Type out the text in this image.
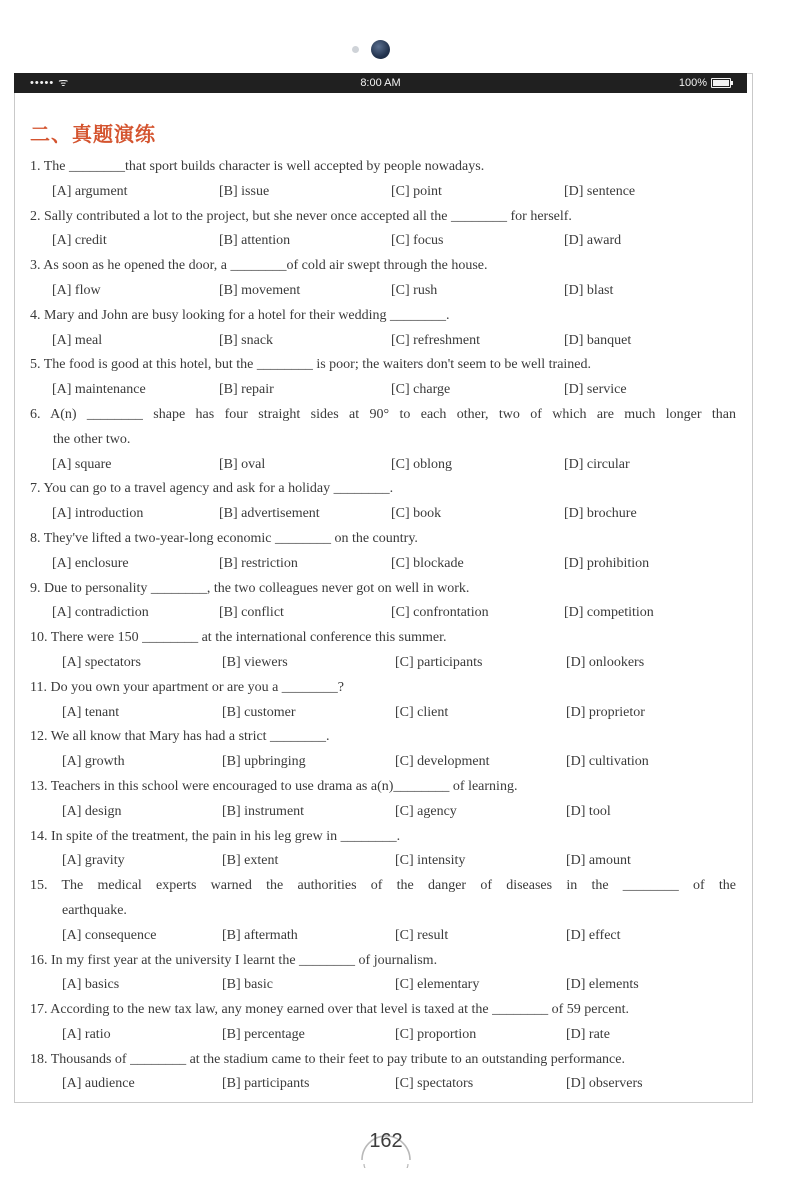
••••• ᯤ	8:00 AM	100%
二、真题演练
1. The ________that sport builds character is well accepted by people nowadays.
[A] argument	[B] issue	[C] point	[D] sentence
2. Sally contributed a lot to the project, but she never once accepted all the ________ for herself.
[A] credit	[B] attention	[C] focus	[D] award
3. As soon as he opened the door, a ________of cold air swept through the house.
[A] flow	[B] movement	[C] rush	[D] blast
4. Mary and John are busy looking for a hotel for their wedding ________.
[A] meal	[B] snack	[C] refreshment	[D] banquet
5. The food is good at this hotel, but the ________ is poor; the waiters don't seem to be well trained.
[A] maintenance	[B] repair	[C] charge	[D] service
6. A(n) ________ shape has four straight sides at 90° to each other, two of which are much longer than
the other two.
[A] square	[B] oval	[C] oblong	[D] circular
7. You can go to a travel agency and ask for a holiday ________.
[A] introduction	[B] advertisement	[C] book	[D] brochure
8. They've lifted a two-year-long economic ________ on the country.
[A] enclosure	[B] restriction	[C] blockade	[D] prohibition
9. Due to personality ________, the two colleagues never got on well in work.
[A] contradiction	[B] conflict	[C] confrontation	[D] competition
10. There were 150 ________ at the international conference this summer.
[A] spectators	[B] viewers	[C] participants	[D] onlookers
11. Do you own your apartment or are you a ________?
[A] tenant	[B] customer	[C] client	[D] proprietor
12. We all know that Mary has had a strict ________.
[A] growth	[B] upbringing	[C] development	[D] cultivation
13. Teachers in this school were encouraged to use drama as a(n)________ of learning.
[A] design	[B] instrument	[C] agency	[D] tool
14. In spite of the treatment, the pain in his leg grew in ________.
[A] gravity	[B] extent	[C] intensity	[D] amount
15. The medical experts warned the authorities of the danger of diseases in the ________ of the
earthquake.
[A] consequence	[B] aftermath	[C] result	[D] effect
16. In my first year at the university I learnt the ________ of journalism.
[A] basics	[B] basic	[C] elementary	[D] elements
17. According to the new tax law, any money earned over that level is taxed at the ________ of 59 percent.
[A] ratio	[B] percentage	[C] proportion	[D] rate
18. Thousands of ________ at the stadium came to their feet to pay tribute to an outstanding performance.
[A] audience	[B] participants	[C] spectators	[D] observers
162
